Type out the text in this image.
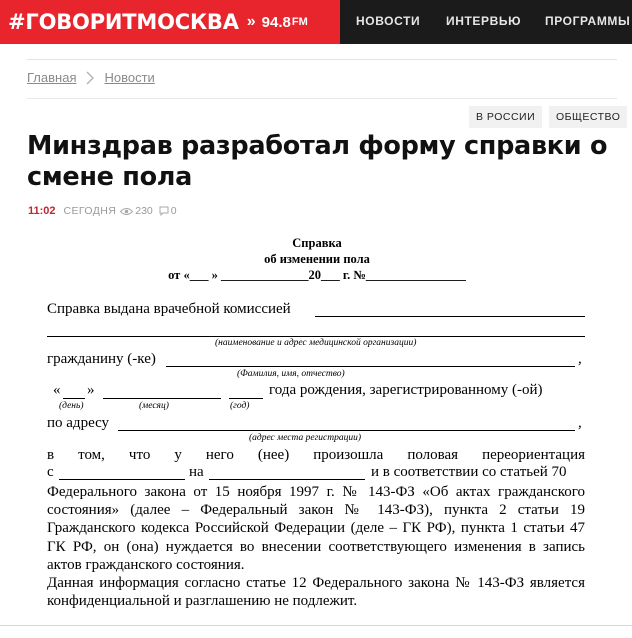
#ГОВОРИТМОСКВА » 94.8 FM	НОВОСТИ ИНТЕРВЬЮ ПРОГРАММЫ
Главная Новости
В РОССИИ	ОБЩЕСТВО
Минздрав разработал форму справки о смене пола
11:02 СЕГОДНЯ 230 0
Справка
об изменении пола
от «___ » ______________20___ г. №________________
Справка выдана врачебной комиссией
(наименование и адрес медицинской организации)
гражданину (-ке)	,
(Фамилия, имя, отчество)
« »	года рождения, зарегистрированному (-ой)
(день)	(месяц)	(год)
по адресу	,
(адрес места регистрации)
в том, что у него (нее) произошла половая переориентация
с	на	и в соответствии со статьей 70
Федерального закона от 15 ноября 1997 г. № 143-ФЗ «Об актах гражданского состояния» (далее – Федеральный закон № 143-ФЗ), пункта 2 статьи 19 Гражданского кодекса Российской Федерации (деле – ГК РФ), пункта 1 статьи 47 ГК РФ, он (она) нуждается во внесении соответствующего изменения в запись актов гражданского состояния.
Данная информация согласно статье 12 Федерального закона № 143-ФЗ является конфиденциальной и разглашению не подлежит.
